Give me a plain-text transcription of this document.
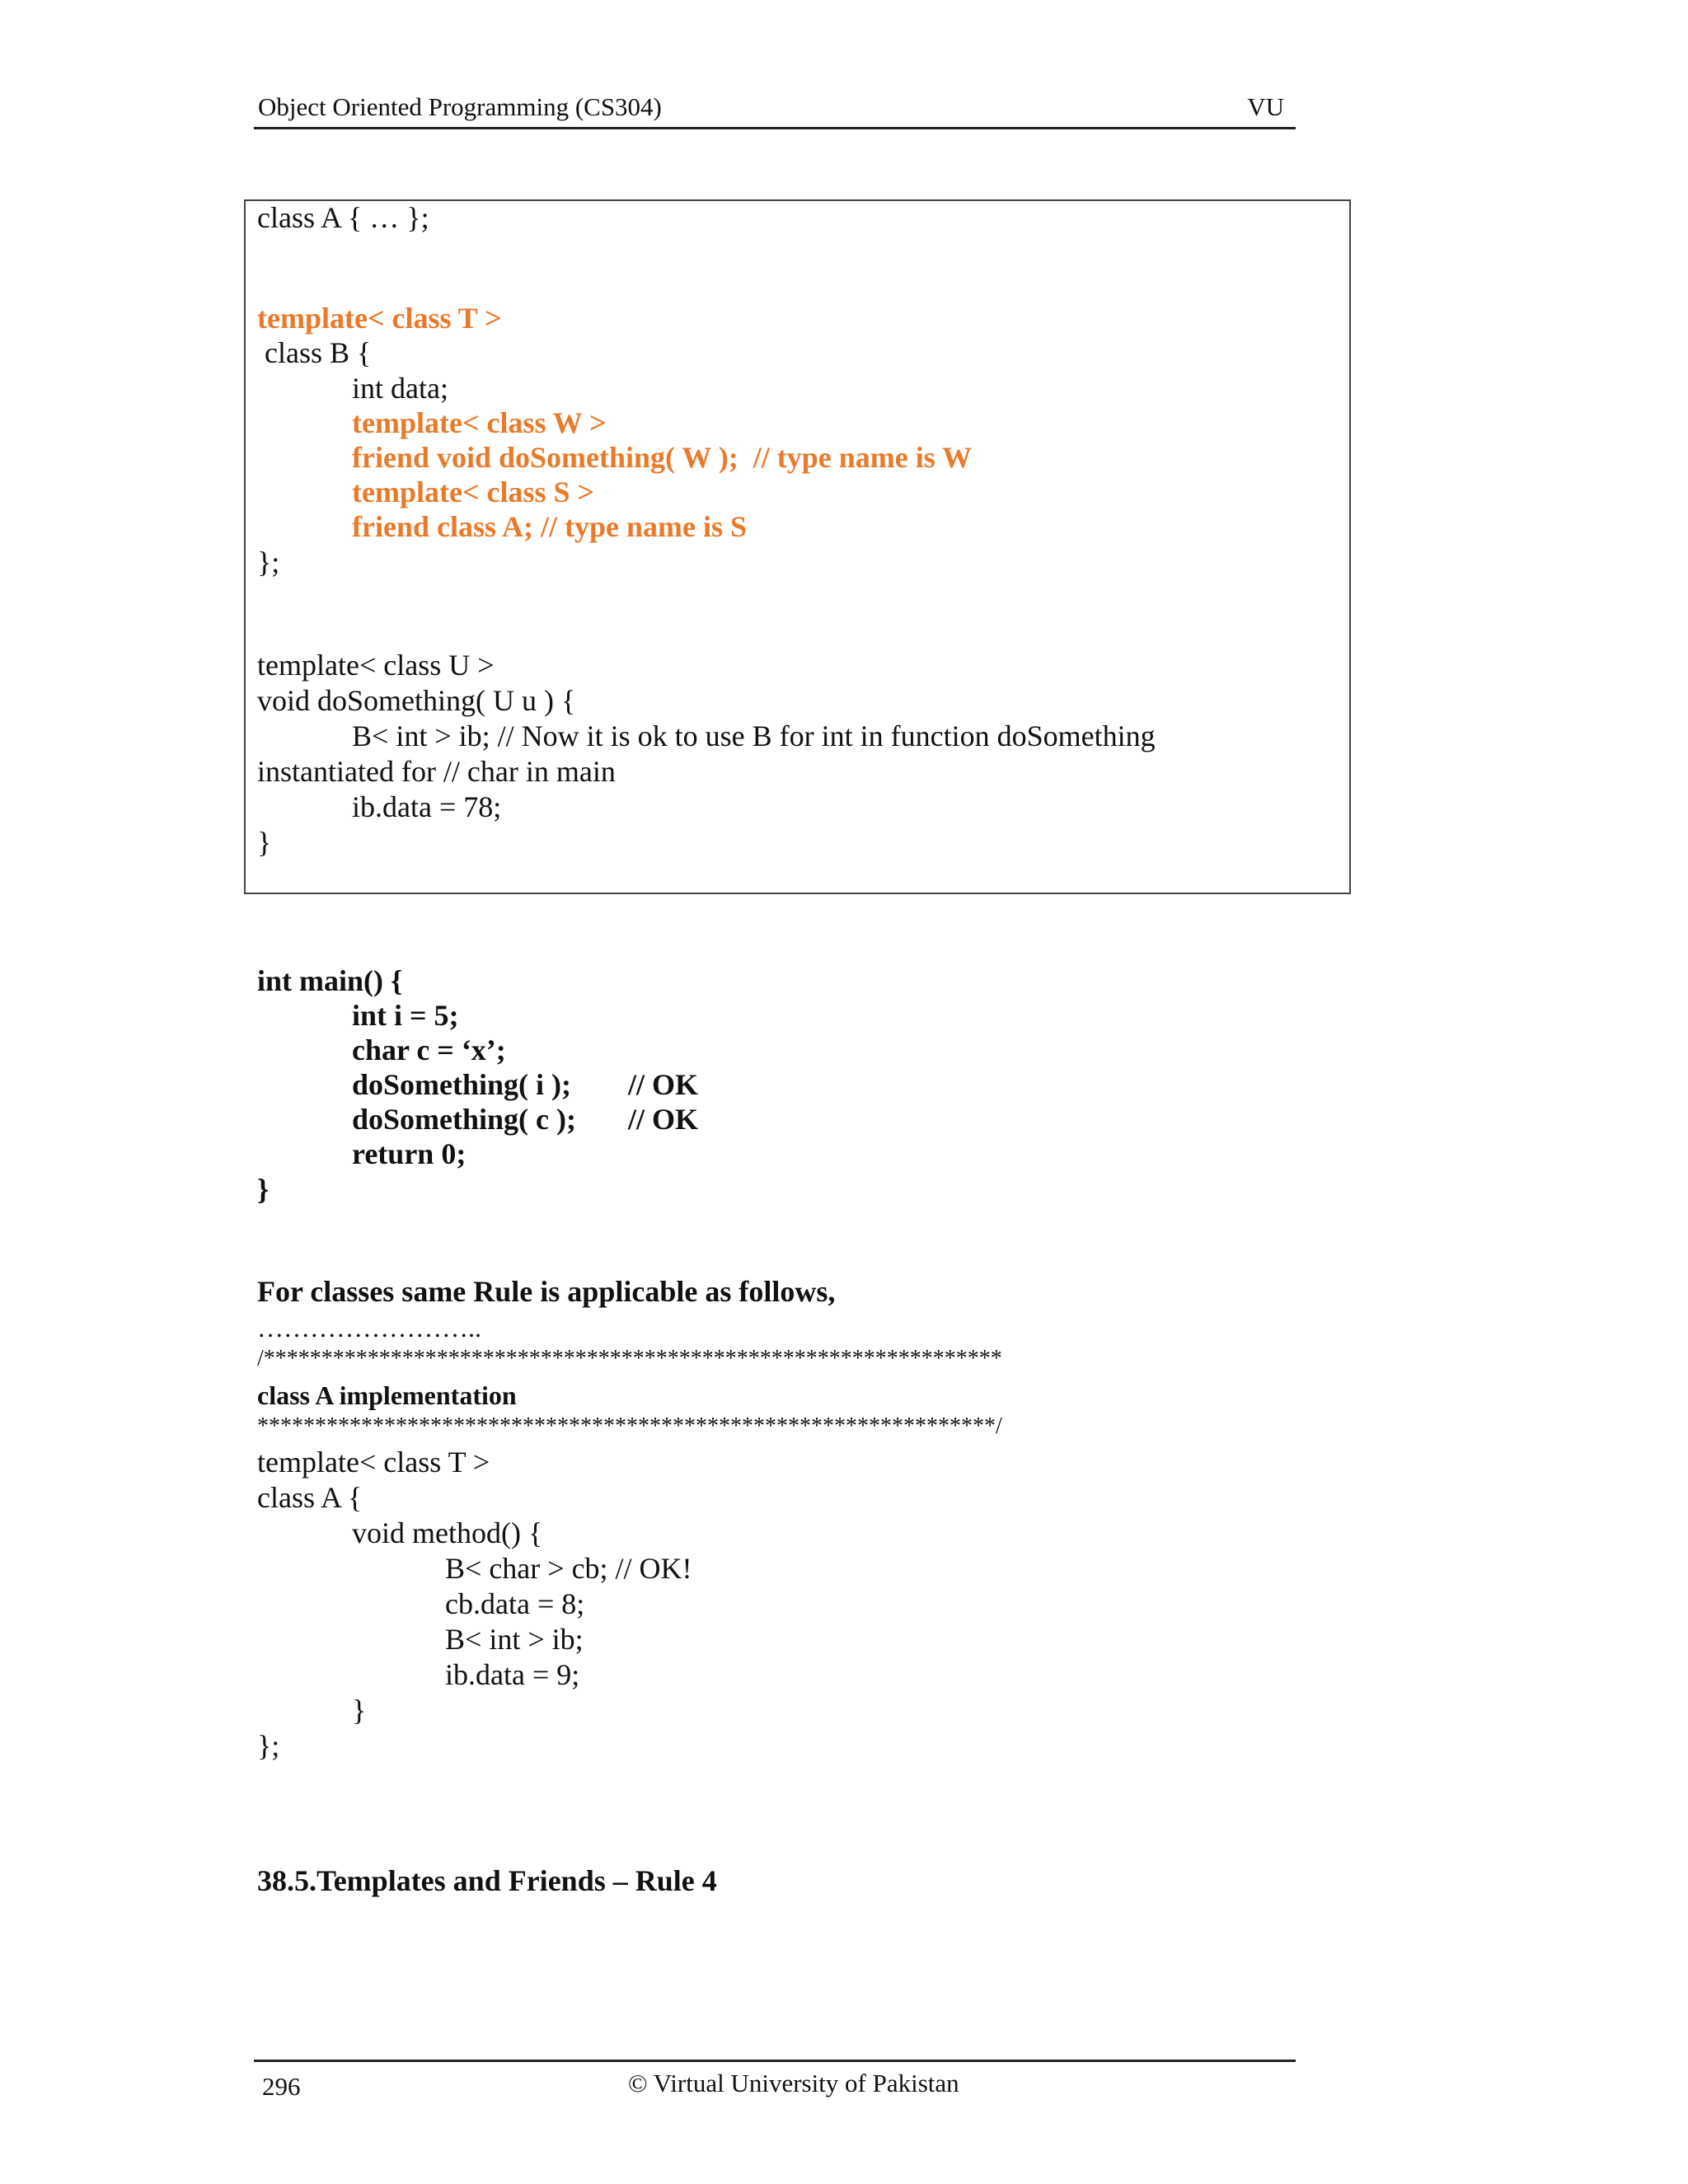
Object Oriented Programming (CS304)	VU
class A { … };
template< class T >
class B {
int data;
template< class W >
friend void doSomething( W );  // type name is W
template< class S >
friend class A; // type name is S
};
template< class U >
void doSomething( U u ) {
B< int > ib; // Now it is ok to use B for int in function doSomething
instantiated for // char in main
ib.data = 78;
}
int main() {
int i = 5;
char c = ‘x’;
doSomething( i ); // OK
doSomething( c ); // OK
return 0;
}
For classes same Rule is applicable as follows,
……………………..
/****************************************************************
class A implementation
****************************************************************/
template< class T >
class A {
void method() {
B< char > cb; // OK!
cb.data = 8;
B< int > ib;
ib.data = 9;
}
};
38.5.Templates and Friends – Rule 4
296	© Virtual University of Pakistan
